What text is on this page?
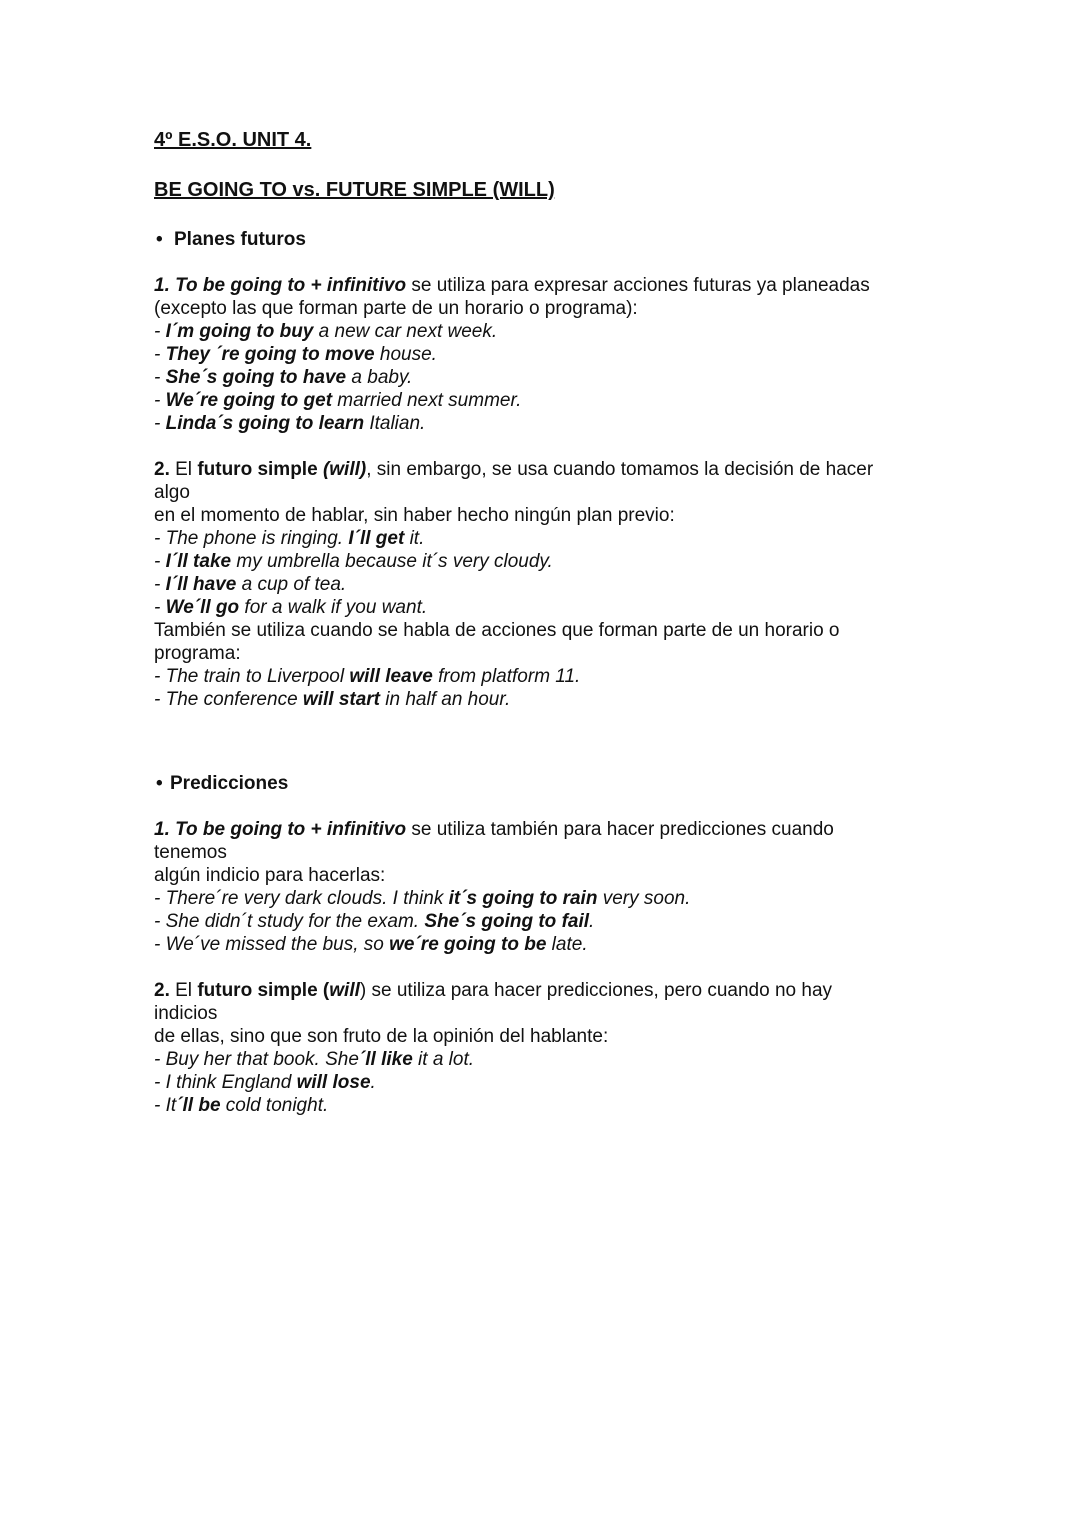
4º E.S.O. UNIT 4.
BE GOING TO vs. FUTURE SIMPLE (WILL)
• Planes futuros
1. To be going to + infinitivo se utiliza para expresar acciones futuras ya planeadas
(excepto las que forman parte de un horario o programa):
- I´m going to buy a new car next week.
- They ´re going to move house.
- She´s going to have a baby.
- We´re going to get married next summer.
- Linda´s going to learn Italian.
2. El futuro simple (will), sin embargo, se usa cuando tomamos la decisión de hacer
algo
en el momento de hablar, sin haber hecho ningún plan previo:
- The phone is ringing. I´ll get it.
- I´ll take my umbrella because it´s very cloudy.
- I´ll have a cup of tea.
- We´ll go for a walk if you want.
También se utiliza cuando se habla de acciones que forman parte de un horario o
programa:
- The train to Liverpool will leave from platform 11.
- The conference will start in half an hour.
• Predicciones
1. To be going to + infinitivo se utiliza también para hacer predicciones cuando
tenemos
algún indicio para hacerlas:
- There´re very dark clouds. I think it´s going to rain very soon.
- She didn´t study for the exam. She´s going to fail.
- We´ve missed the bus, so we´re going to be late.
2. El futuro simple (will) se utiliza para hacer predicciones, pero cuando no hay
indicios
de ellas, sino que son fruto de la opinión del hablante:
- Buy her that book. She´ll like it a lot.
- I think England will lose.
- It´ll be cold tonight.
